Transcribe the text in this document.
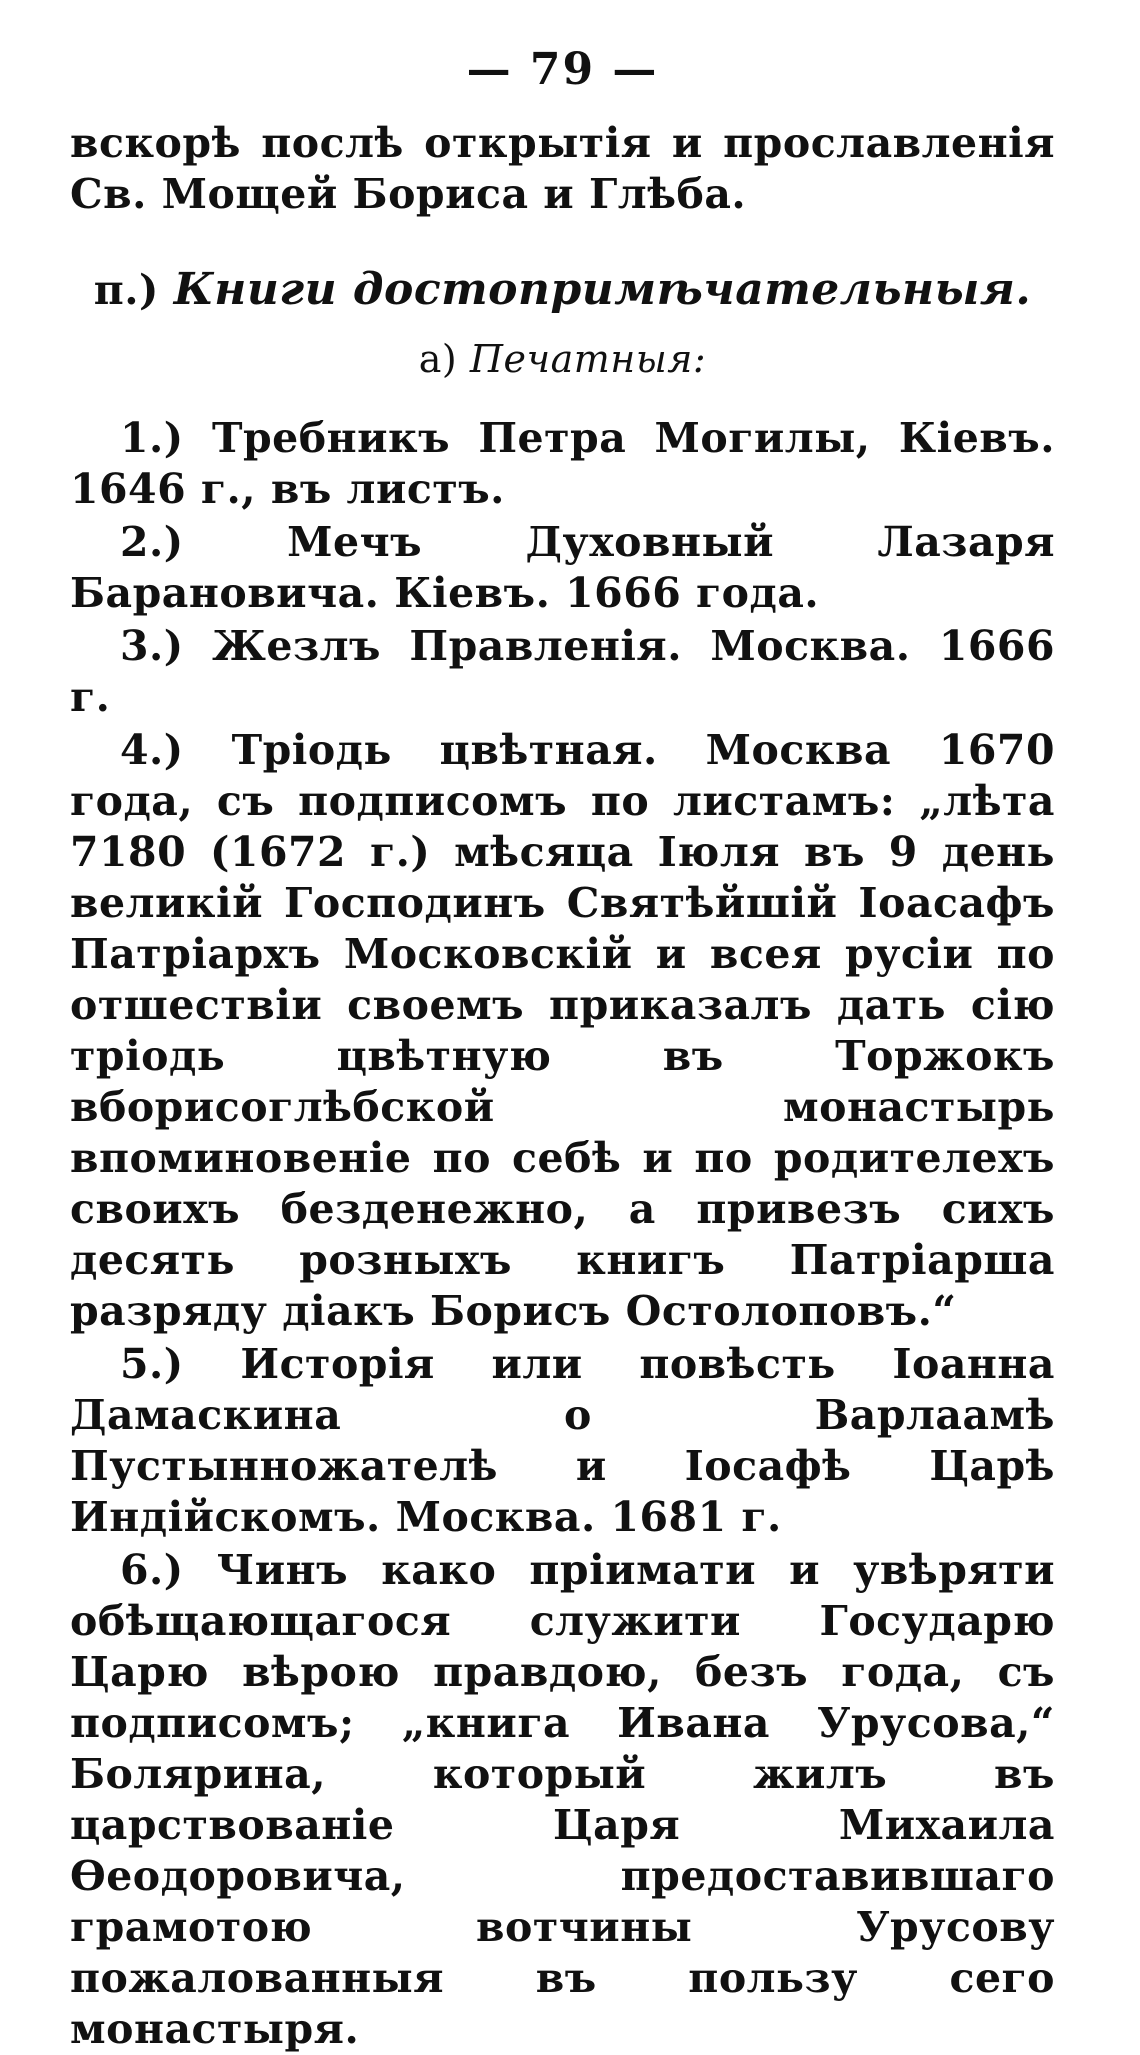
— 79 —

вскорѣ послѣ открытія и прославленія Св. Мощей Бориса и Глѣба.

п.) Книги достопримѣчательныя.
а) Печатныя:

1.) Требникъ Петра Могилы, Кіевъ. 1646 г., въ листъ.

2.)	Мечъ Духовный Лазаря Барановича. Кіевъ. 1666 года.

3.) Жезлъ Правленія. Москва. 1666 г.

4.) Тріодь цвѣтная. Москва 1670 года, съ подписомъ по листамъ: „лѣта 7180 (1672 г.) мѣсяца Іюля въ 9 день великій Господинъ Святѣйшій Іоасафъ Патріархъ Московскій и всея русіи по отшествіи своемъ приказалъ дать сію тріодь цвѣтную въ Торжокъ вборисоглѣбской монастырь впоминовеніе по себѣ и по родителехъ своихъ безденежно, а привезъ сихъ десять розныхъ книгъ Патріарша разряду діакъ Борисъ Остолоповъ.“

5.) Исторія или повѣсть Іоанна Дамаскина о Варлаамѣ Пустынножателѣ и Іосафѣ Царѣ Индійскомъ. Москва. 1681 г.

6.) Чинъ како пріимати и увѣряти обѣщающагося служити Государю Царю вѣрою правдою, безъ года, съ подписомъ; „книга Ивана Урусова,“ Болярина, который жилъ въ царствованіе Царя Михаила Ѳеодоровича, предоставившаго грамотою вотчины Урусову пожалованныя въ пользу сего монастыря.
